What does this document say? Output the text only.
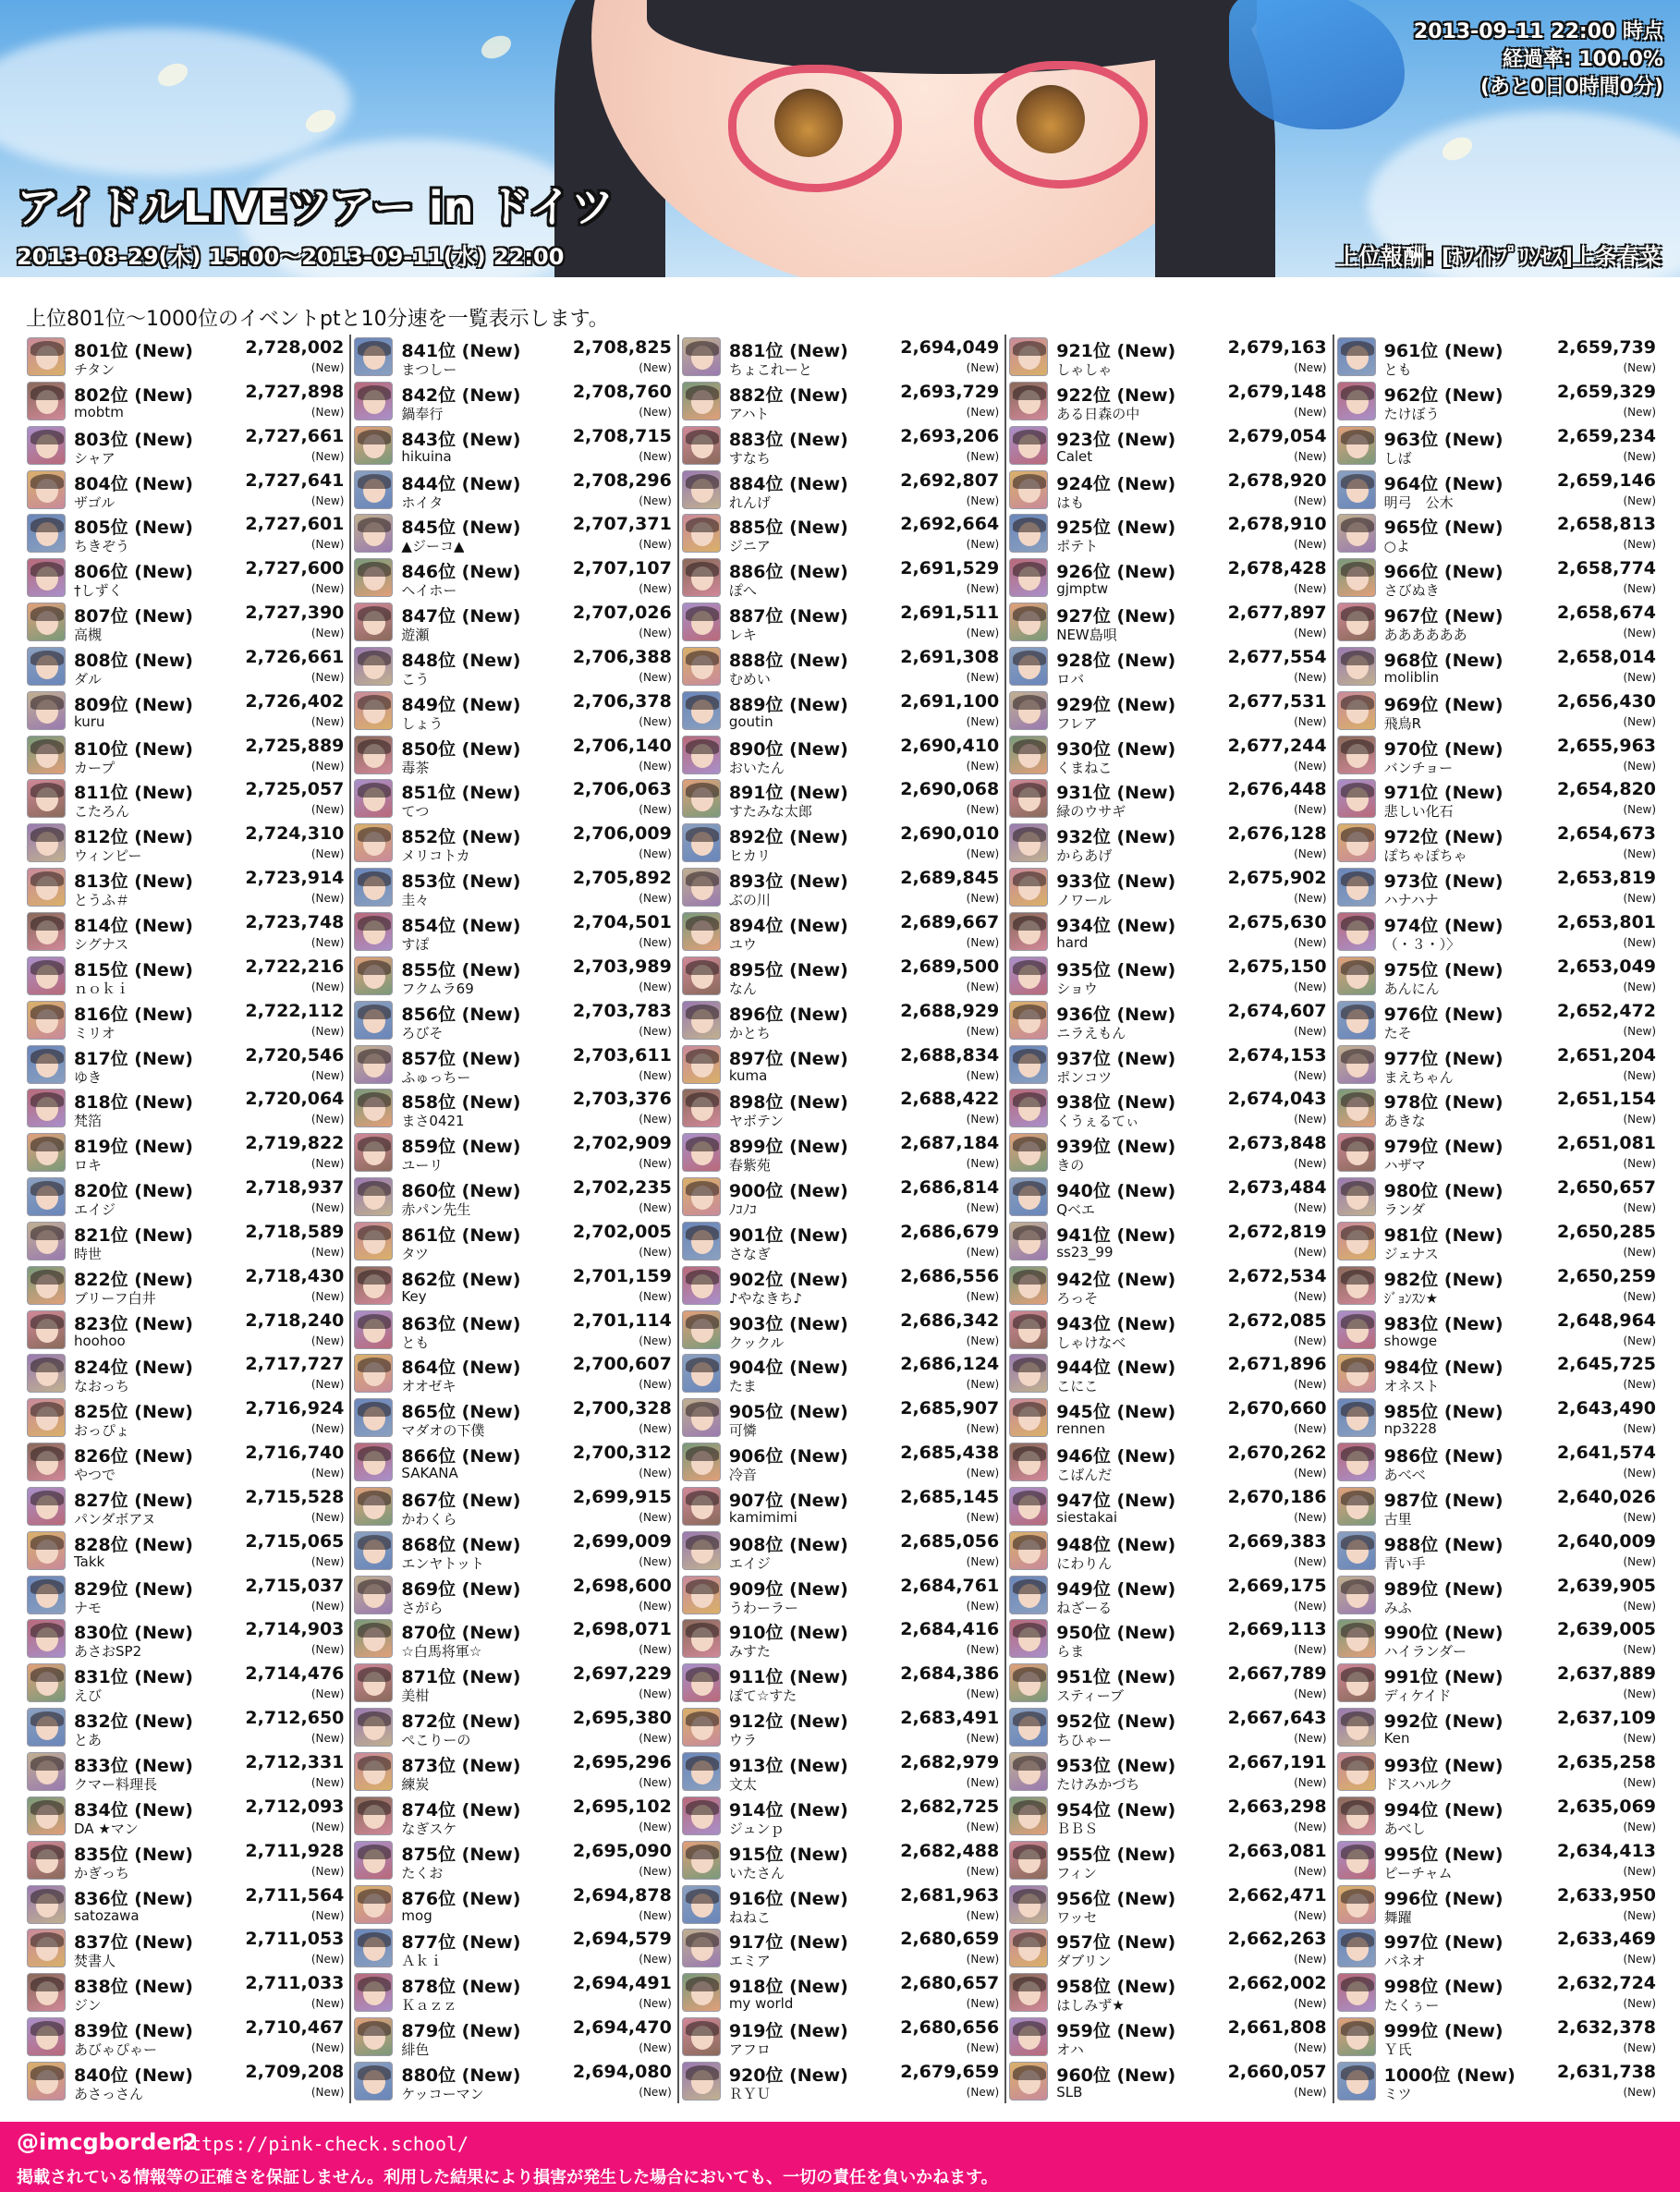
アイドルLIVEツアー in ドイツ
2013-08-29(木) 15:00～2013-09-11(水) 22:00
2013-09-11 22:00 時点
経過率: 100.0%
(あと0日0時間0分)
上位報酬: [ﾎﾜｲﾄﾌﾟﾘﾝｾｽ]上条春菜
上位801位～1000位のイベントptと10分速を一覧表示します。
801位 (New)
チタン
2,728,002
(New)
802位 (New)
mobtm
2,727,898
(New)
803位 (New)
シャア
2,727,661
(New)
804位 (New)
ザゴル
2,727,641
(New)
805位 (New)
ちきぞう
2,727,601
(New)
806位 (New)
†しずく
2,727,600
(New)
807位 (New)
高槻
2,727,390
(New)
808位 (New)
ダル
2,726,661
(New)
809位 (New)
kuru
2,726,402
(New)
810位 (New)
カープ
2,725,889
(New)
811位 (New)
こたろん
2,725,057
(New)
812位 (New)
ウィンピー
2,724,310
(New)
813位 (New)
とうふ＃
2,723,914
(New)
814位 (New)
シグナス
2,723,748
(New)
815位 (New)
ｎｏｋｉ
2,722,216
(New)
816位 (New)
ミリオ
2,722,112
(New)
817位 (New)
ゆき
2,720,546
(New)
818位 (New)
梵箔
2,720,064
(New)
819位 (New)
ロキ
2,719,822
(New)
820位 (New)
エイジ
2,718,937
(New)
821位 (New)
時世
2,718,589
(New)
822位 (New)
ブリーフ白井
2,718,430
(New)
823位 (New)
hoohoo
2,718,240
(New)
824位 (New)
なおっち
2,717,727
(New)
825位 (New)
おっぴょ
2,716,924
(New)
826位 (New)
やつで
2,716,740
(New)
827位 (New)
パンダボアヌ
2,715,528
(New)
828位 (New)
Takk
2,715,065
(New)
829位 (New)
ナモ
2,715,037
(New)
830位 (New)
あさおSP2
2,714,903
(New)
831位 (New)
えび
2,714,476
(New)
832位 (New)
とあ
2,712,650
(New)
833位 (New)
クマー料理長
2,712,331
(New)
834位 (New)
DA ★マン
2,712,093
(New)
835位 (New)
かぎっち
2,711,928
(New)
836位 (New)
satozawa
2,711,564
(New)
837位 (New)
焚書人
2,711,053
(New)
838位 (New)
ジン
2,711,033
(New)
839位 (New)
あびゃぴゃー
2,710,467
(New)
840位 (New)
あさっさん
2,709,208
(New)
841位 (New)
まつしー
2,708,825
(New)
842位 (New)
鍋奉行
2,708,760
(New)
843位 (New)
hikuina
2,708,715
(New)
844位 (New)
ホイタ
2,708,296
(New)
845位 (New)
▲ジーコ▲
2,707,371
(New)
846位 (New)
ヘイホー
2,707,107
(New)
847位 (New)
遊瀬
2,707,026
(New)
848位 (New)
こう
2,706,388
(New)
849位 (New)
しょう
2,706,378
(New)
850位 (New)
毒茶
2,706,140
(New)
851位 (New)
てつ
2,706,063
(New)
852位 (New)
メリコトカ
2,706,009
(New)
853位 (New)
圭々
2,705,892
(New)
854位 (New)
すぽ
2,704,501
(New)
855位 (New)
フクムラ69
2,703,989
(New)
856位 (New)
ろびそ
2,703,783
(New)
857位 (New)
ふゅっちー
2,703,611
(New)
858位 (New)
まさ0421
2,703,376
(New)
859位 (New)
ユーリ
2,702,909
(New)
860位 (New)
赤パン先生
2,702,235
(New)
861位 (New)
タツ
2,702,005
(New)
862位 (New)
Key
2,701,159
(New)
863位 (New)
とも
2,701,114
(New)
864位 (New)
オオゼキ
2,700,607
(New)
865位 (New)
マダオの下僕
2,700,328
(New)
866位 (New)
SAKANA
2,700,312
(New)
867位 (New)
かわくら
2,699,915
(New)
868位 (New)
エンヤトット
2,699,009
(New)
869位 (New)
さがら
2,698,600
(New)
870位 (New)
☆白馬将軍☆
2,698,071
(New)
871位 (New)
美柑
2,697,229
(New)
872位 (New)
ぺこりーの
2,695,380
(New)
873位 (New)
練炭
2,695,296
(New)
874位 (New)
なぎスケ
2,695,102
(New)
875位 (New)
たくお
2,695,090
(New)
876位 (New)
mog
2,694,878
(New)
877位 (New)
Ａｋｉ
2,694,579
(New)
878位 (New)
Ｋａｚｚ
2,694,491
(New)
879位 (New)
緋色
2,694,470
(New)
880位 (New)
ケッコーマン
2,694,080
(New)
881位 (New)
ちょこれーと
2,694,049
(New)
882位 (New)
アハト
2,693,729
(New)
883位 (New)
すなち
2,693,206
(New)
884位 (New)
れんげ
2,692,807
(New)
885位 (New)
ジニア
2,692,664
(New)
886位 (New)
ぽへ
2,691,529
(New)
887位 (New)
レキ
2,691,511
(New)
888位 (New)
むめい
2,691,308
(New)
889位 (New)
goutin
2,691,100
(New)
890位 (New)
おいたん
2,690,410
(New)
891位 (New)
すたみな太郎
2,690,068
(New)
892位 (New)
ヒカリ
2,690,010
(New)
893位 (New)
ぶの川
2,689,845
(New)
894位 (New)
ユウ
2,689,667
(New)
895位 (New)
なん
2,689,500
(New)
896位 (New)
かとち
2,688,929
(New)
897位 (New)
kuma
2,688,834
(New)
898位 (New)
ヤボテン
2,688,422
(New)
899位 (New)
春紫苑
2,687,184
(New)
900位 (New)
ﾉｺﾉｺ
2,686,814
(New)
901位 (New)
さなぎ
2,686,679
(New)
902位 (New)
♪やなきち♪
2,686,556
(New)
903位 (New)
クックル
2,686,342
(New)
904位 (New)
たま
2,686,124
(New)
905位 (New)
可憐
2,685,907
(New)
906位 (New)
冷音
2,685,438
(New)
907位 (New)
kamimimi
2,685,145
(New)
908位 (New)
エイジ
2,685,056
(New)
909位 (New)
うわーラー
2,684,761
(New)
910位 (New)
みすた
2,684,416
(New)
911位 (New)
ぽて☆すた
2,684,386
(New)
912位 (New)
ウラ
2,683,491
(New)
913位 (New)
文太
2,682,979
(New)
914位 (New)
ジュンｐ
2,682,725
(New)
915位 (New)
いたさん
2,682,488
(New)
916位 (New)
ねねこ
2,681,963
(New)
917位 (New)
エミア
2,680,659
(New)
918位 (New)
my world
2,680,657
(New)
919位 (New)
アフロ
2,680,656
(New)
920位 (New)
ＲＹＵ
2,679,659
(New)
921位 (New)
しゃしゃ
2,679,163
(New)
922位 (New)
ある日森の中
2,679,148
(New)
923位 (New)
Calet
2,679,054
(New)
924位 (New)
はも
2,678,920
(New)
925位 (New)
ポテト
2,678,910
(New)
926位 (New)
gjmptw
2,678,428
(New)
927位 (New)
NEW島唄
2,677,897
(New)
928位 (New)
ロバ
2,677,554
(New)
929位 (New)
フレア
2,677,531
(New)
930位 (New)
くまねこ
2,677,244
(New)
931位 (New)
緑のウサギ
2,676,448
(New)
932位 (New)
からあげ
2,676,128
(New)
933位 (New)
ノワール
2,675,902
(New)
934位 (New)
hard
2,675,630
(New)
935位 (New)
ショウ
2,675,150
(New)
936位 (New)
ニラえもん
2,674,607
(New)
937位 (New)
ポンコツ
2,674,153
(New)
938位 (New)
くうぇるてぃ
2,674,043
(New)
939位 (New)
きの
2,673,848
(New)
940位 (New)
Qベエ
2,673,484
(New)
941位 (New)
ss23_99
2,672,819
(New)
942位 (New)
ろっそ
2,672,534
(New)
943位 (New)
しゃけなべ
2,672,085
(New)
944位 (New)
こにこ
2,671,896
(New)
945位 (New)
rennen
2,670,660
(New)
946位 (New)
こばんだ
2,670,262
(New)
947位 (New)
siestakai
2,670,186
(New)
948位 (New)
にわりん
2,669,383
(New)
949位 (New)
ねざーる
2,669,175
(New)
950位 (New)
らま
2,669,113
(New)
951位 (New)
スティーブ
2,667,789
(New)
952位 (New)
ちひゃー
2,667,643
(New)
953位 (New)
たけみかづち
2,667,191
(New)
954位 (New)
ＢＢＳ
2,663,298
(New)
955位 (New)
フィン
2,663,081
(New)
956位 (New)
ワッセ
2,662,471
(New)
957位 (New)
ダブリン
2,662,263
(New)
958位 (New)
はしみず★
2,662,002
(New)
959位 (New)
オハ
2,661,808
(New)
960位 (New)
SLB
2,660,057
(New)
961位 (New)
とも
2,659,739
(New)
962位 (New)
たけぼう
2,659,329
(New)
963位 (New)
しば
2,659,234
(New)
964位 (New)
明弓　公木
2,659,146
(New)
965位 (New)
○よ
2,658,813
(New)
966位 (New)
さびぬき
2,658,774
(New)
967位 (New)
ああああああ
2,658,674
(New)
968位 (New)
moliblin
2,658,014
(New)
969位 (New)
飛鳥R
2,656,430
(New)
970位 (New)
バンチョー
2,655,963
(New)
971位 (New)
悲しい化石
2,654,820
(New)
972位 (New)
ぽちゃぽちゃ
2,654,673
(New)
973位 (New)
ハナハナ
2,653,819
(New)
974位 (New)
（・３・）〉
2,653,801
(New)
975位 (New)
あんにん
2,653,049
(New)
976位 (New)
たそ
2,652,472
(New)
977位 (New)
まえちゃん
2,651,204
(New)
978位 (New)
あきな
2,651,154
(New)
979位 (New)
ハザマ
2,651,081
(New)
980位 (New)
ランダ
2,650,657
(New)
981位 (New)
ジェナス
2,650,285
(New)
982位 (New)
ｼﾞｮﾝｽﾝ★
2,650,259
(New)
983位 (New)
showge
2,648,964
(New)
984位 (New)
オネスト
2,645,725
(New)
985位 (New)
np3228
2,643,490
(New)
986位 (New)
あべべ
2,641,574
(New)
987位 (New)
古里
2,640,026
(New)
988位 (New)
青い手
2,640,009
(New)
989位 (New)
みふ
2,639,905
(New)
990位 (New)
ハイランダー
2,639,005
(New)
991位 (New)
ディケイド
2,637,889
(New)
992位 (New)
Ken
2,637,109
(New)
993位 (New)
ドスハルク
2,635,258
(New)
994位 (New)
あべし
2,635,069
(New)
995位 (New)
ピーチャム
2,634,413
(New)
996位 (New)
舞躍
2,633,950
(New)
997位 (New)
バネオ
2,633,469
(New)
998位 (New)
たくぅー
2,632,724
(New)
999位 (New)
Ｙ氏
2,632,378
(New)
1000位 (New)
ミツ
2,631,738
(New)
@imcgborder2
https://pink-check.school/
掲載されている情報等の正確さを保証しません。利用した結果により損害が発生した場合においても、一切の責任を負いかねます。
